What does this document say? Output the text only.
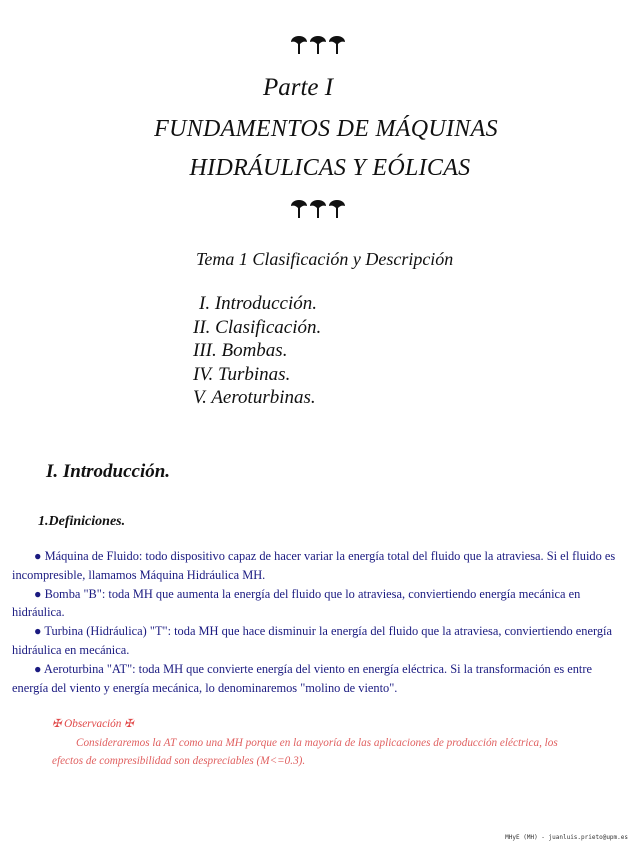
Parte I
FUNDAMENTOS DE MÁQUINAS
HIDRÁULICAS Y EÓLICAS
Tema 1 Clasificación y Descripción
I. Introducción.
II. Clasificación.
III. Bombas.
IV. Turbinas.
V. Aeroturbinas.
I. Introducción.
1.Definiciones.

● Máquina de Fluido: todo dispositivo capaz de hacer variar la energía total del fluido que la atraviesa. Si el fluido es incompresible, llamamos Máquina Hidráulica MH.

● Bomba "B": toda MH que aumenta la energía del fluido que lo atraviesa, conviertiendo energía mecánica en hidráulica.

● Turbina (Hidráulica) "T": toda MH que hace disminuir la energía del fluido que la atraviesa, conviertiendo energía hidráulica en mecánica.

● Aeroturbina "AT": toda MH que convierte energía del viento en energía eléctrica. Si la transformación es entre energía del viento y energía mecánica, lo denominaremos "molino de viento".

✠ Observación ✠

Consideraremos la AT como una MH porque en la mayoría de las aplicaciones de producción eléctrica, los efectos de compresibilidad son despreciables (M<=0.3).

MHyE (MH) - juanluis.prieto@upm.es
